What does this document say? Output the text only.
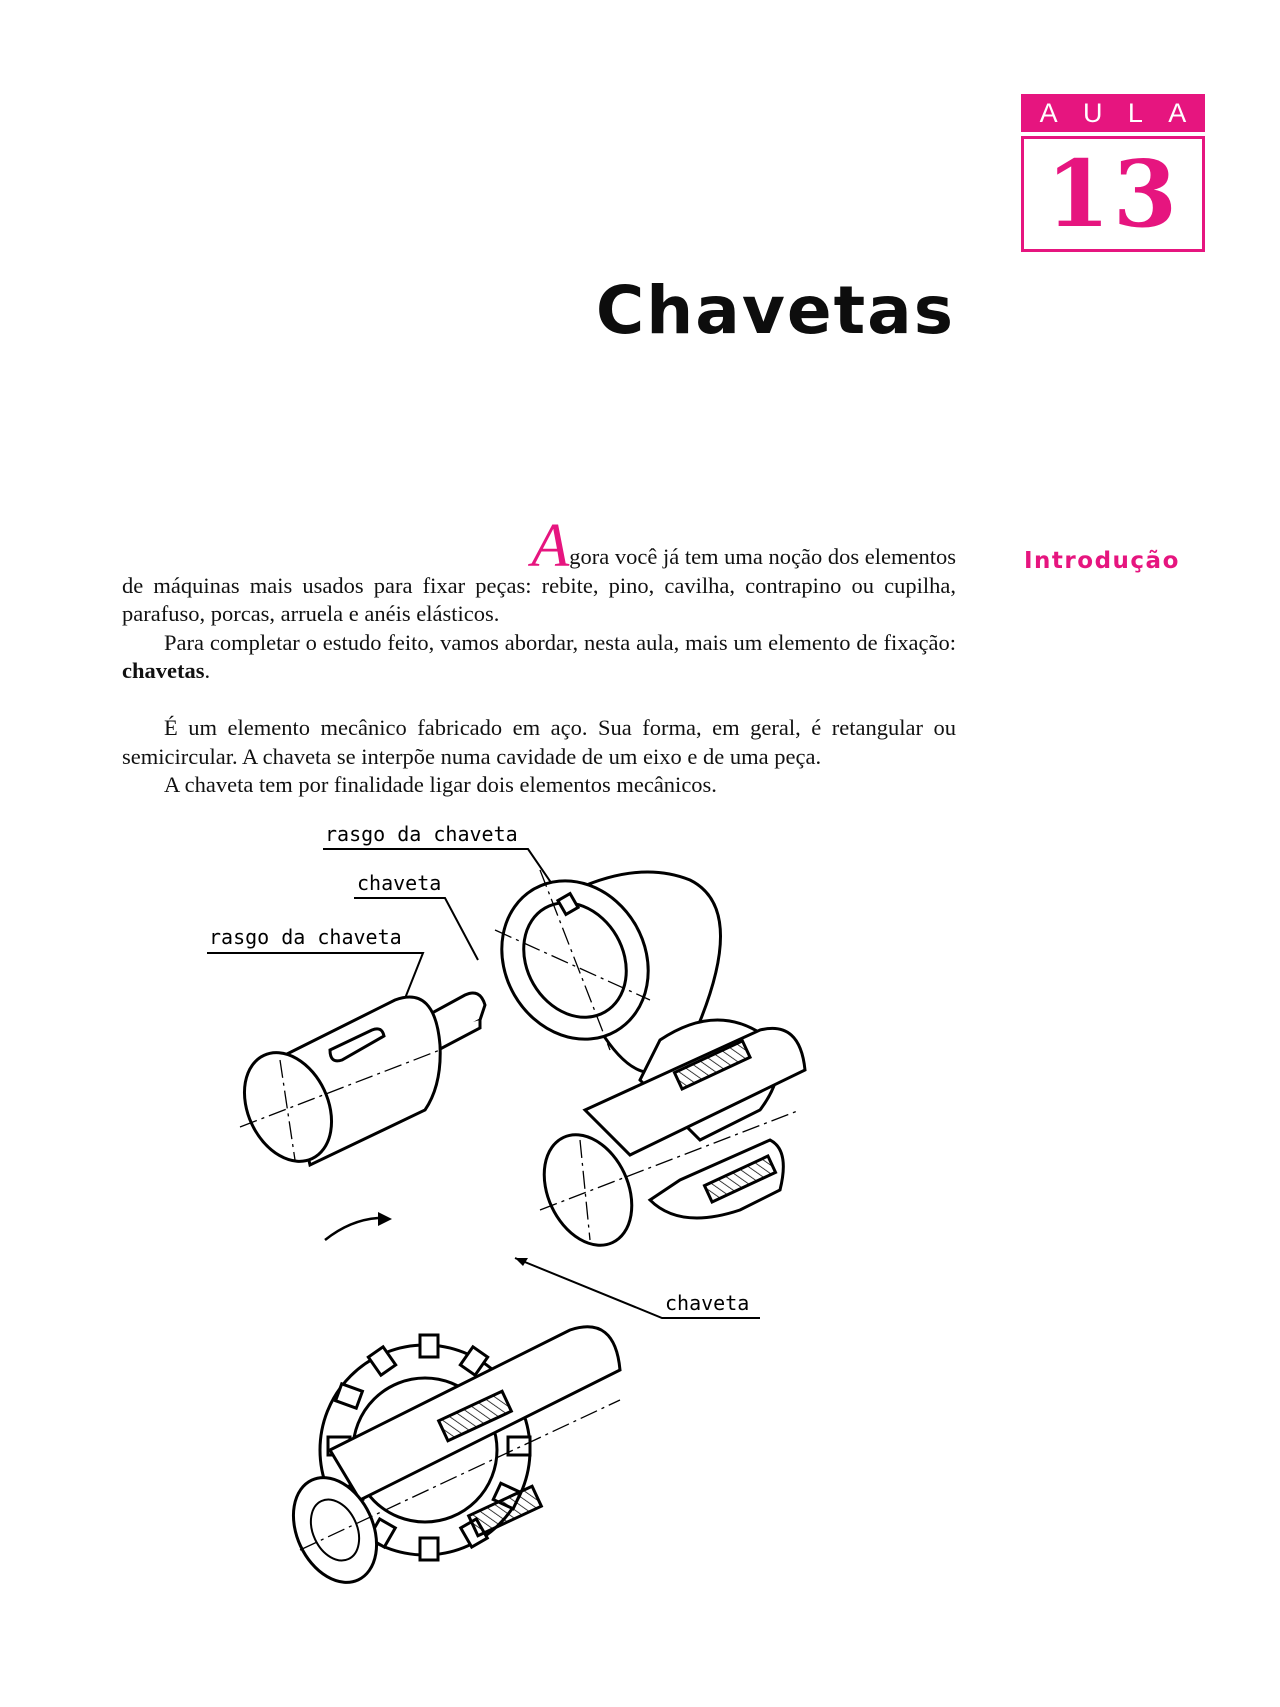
A U L A
13
Chavetas
Introdução
Agora você já tem uma noção dos elementos
de máquinas mais usados para fixar peças: rebite, pino, cavilha, contrapino ou cupilha, parafuso, porcas, arruela e anéis elásticos.
Para completar o estudo feito, vamos abordar, nesta aula, mais um elemento de fixação: chavetas.
É um elemento mecânico fabricado em aço. Sua forma, em geral, é retangular ou semicircular. A chaveta se interpõe numa cavidade de um eixo e de uma peça.
A chaveta tem por finalidade ligar dois elementos mecânicos.
rasgo da chaveta
chaveta
rasgo da chaveta
chaveta
